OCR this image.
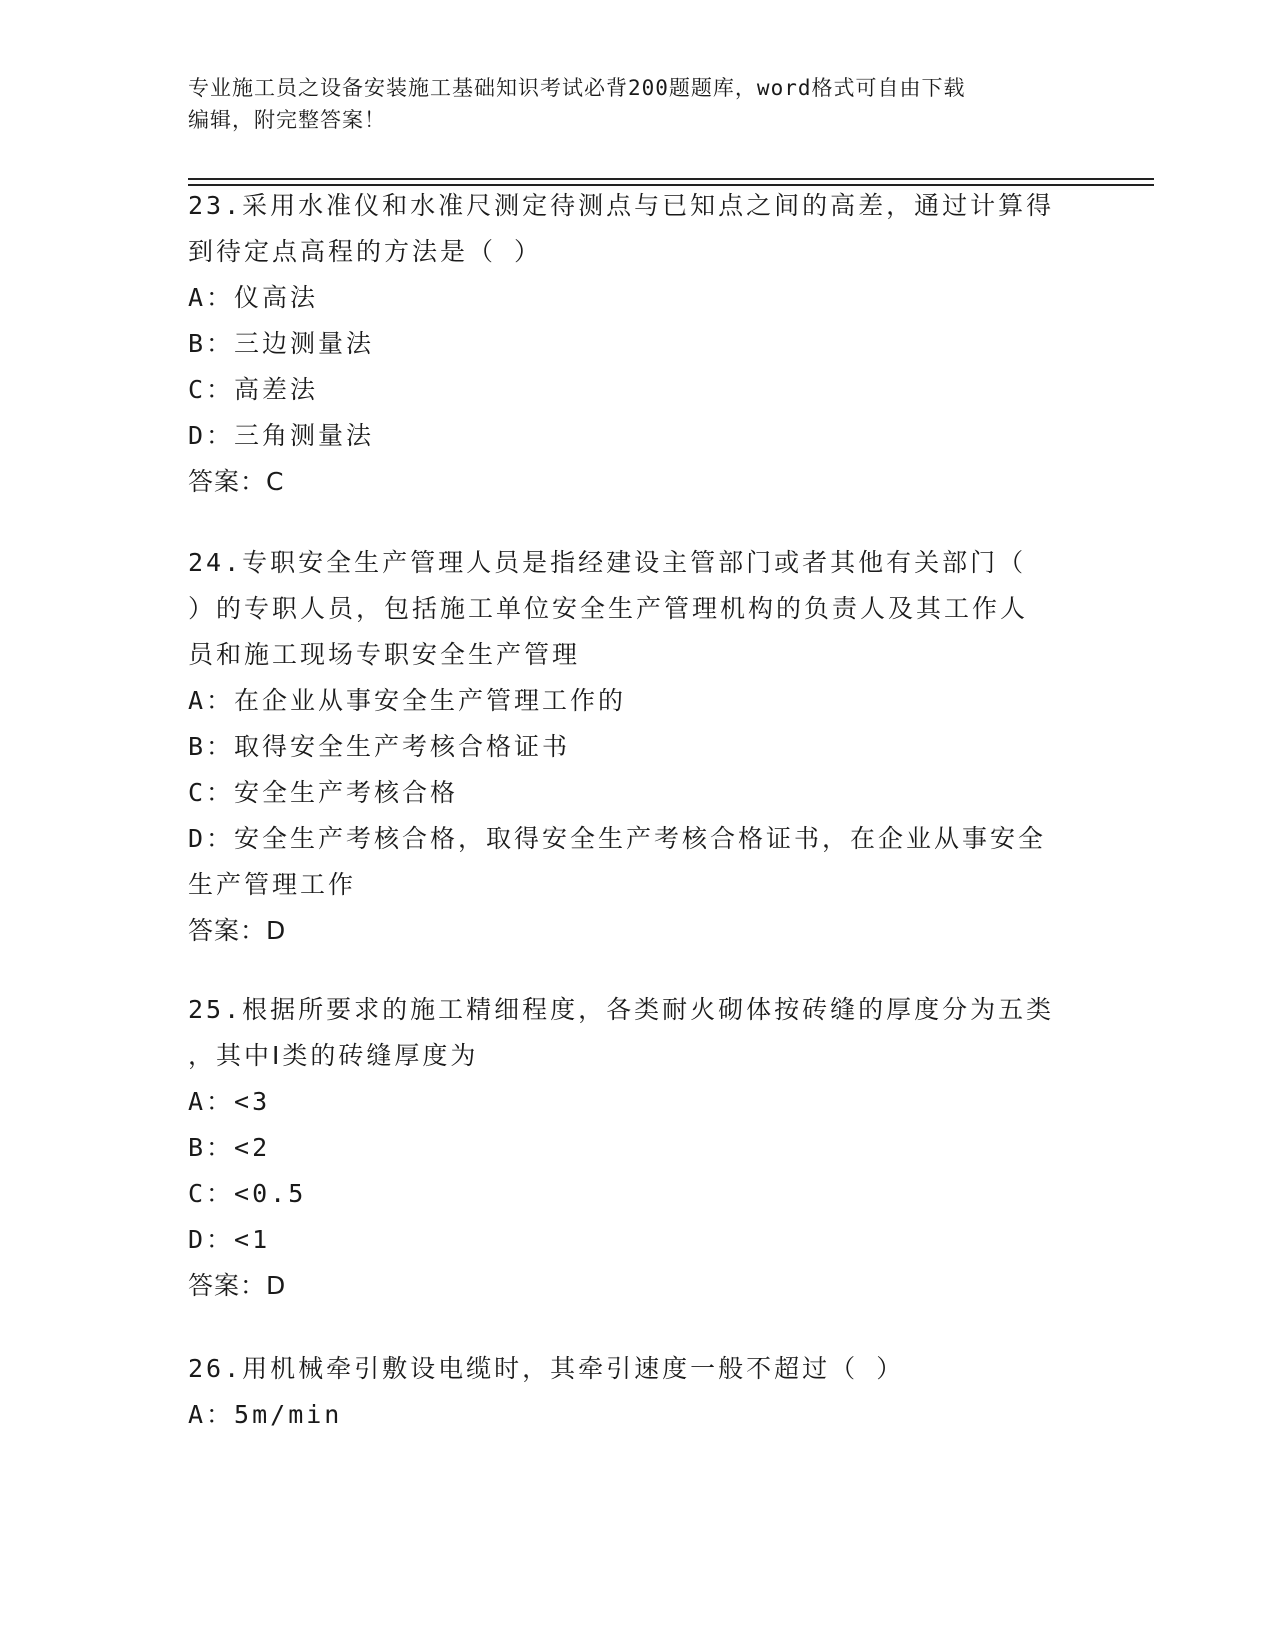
专业施工员之设备安装施工基础知识考试必背200题题库，word格式可自由下载
编辑，附完整答案！

23.采用水准仪和水准尺测定待测点与已知点之间的高差，通过计算得

到待定点高程的方法是（ ）

A：仪高法

B：三边测量法

C：高差法

D：三角测量法

答案：C

24.专职安全生产管理人员是指经建设主管部门或者其他有关部门（

）的专职人员，包括施工单位安全生产管理机构的负责人及其工作人

员和施工现场专职安全生产管理

A：在企业从事安全生产管理工作的

B：取得安全生产考核合格证书

C：安全生产考核合格

D：安全生产考核合格，取得安全生产考核合格证书，在企业从事安全

生产管理工作

答案：D

25.根据所要求的施工精细程度，各类耐火砌体按砖缝的厚度分为五类

，其中Ⅰ类的砖缝厚度为

A：<3

B：<2

C：<0.5

D：<1

答案：D

26.用机械牵引敷设电缆时，其牵引速度一般不超过（ ）

A：5m/min
